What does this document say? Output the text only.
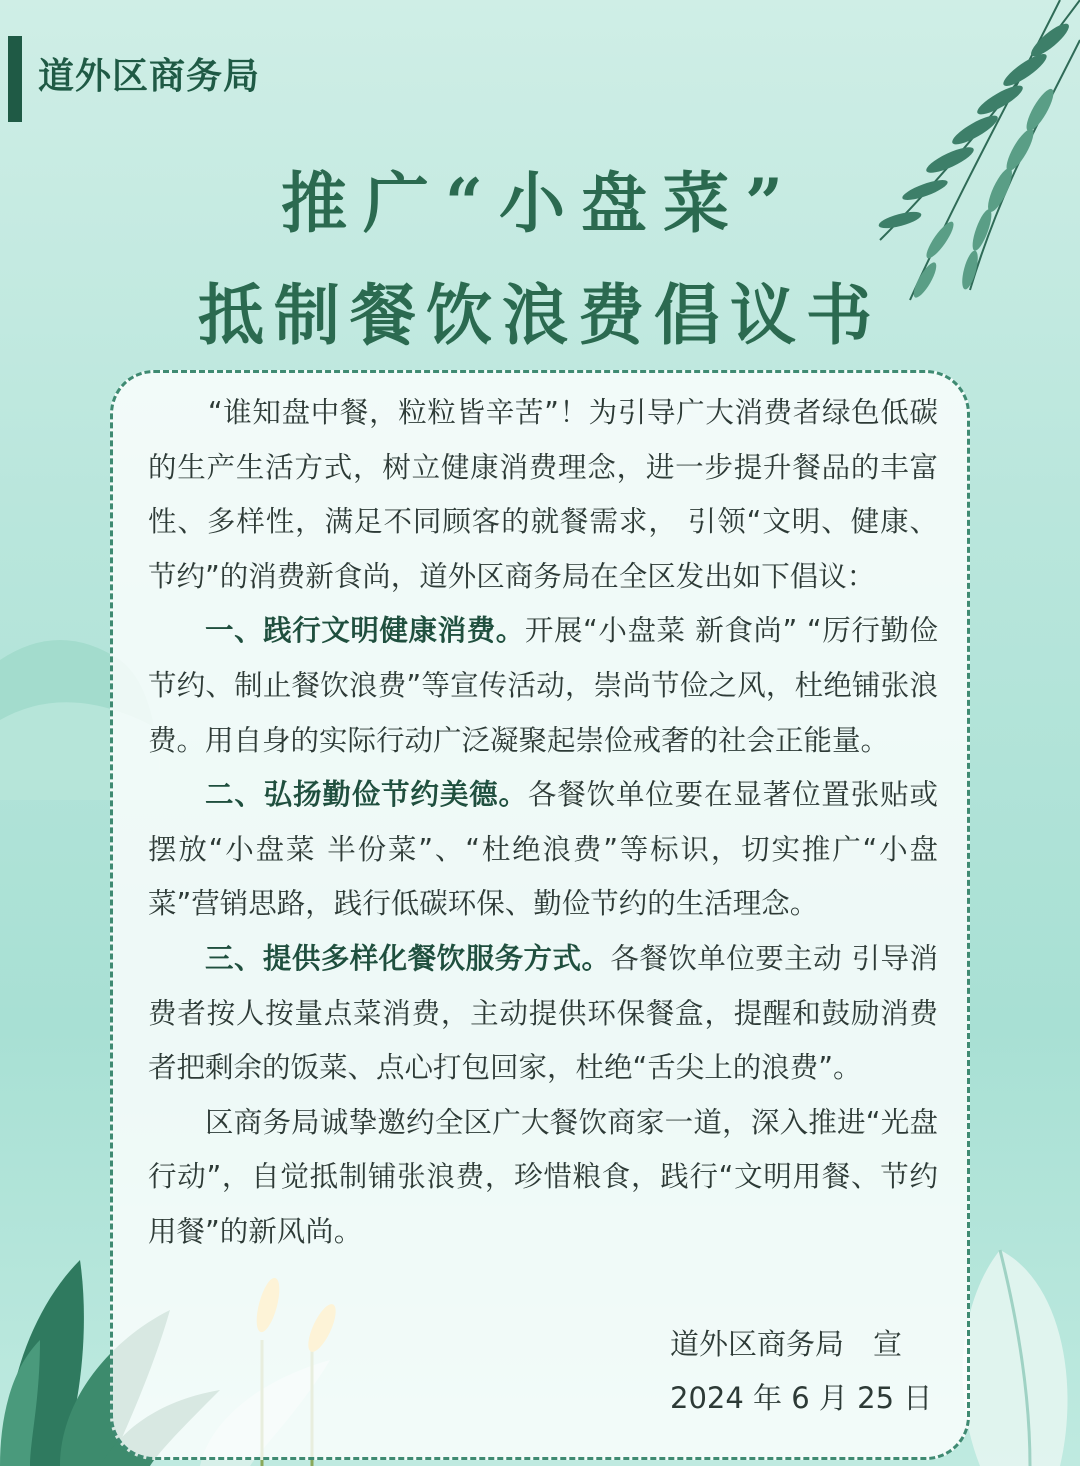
道外区商务局
推广“小盘菜”
抵制餐饮浪费倡议书

“谁知盘中餐，粒粒皆辛苦”！为引导广大消费者绿色低碳的生产生活方式，树立健康消费理念，进一步提升餐品的丰富性、多样性，满足不同顾客的就餐需求， 引领“文明、健康、节约”的消费新食尚，道外区商务局在全区发出如下倡议：

一、践行文明健康消费。开展“小盘菜 新食尚” “厉行勤俭节约、制止餐饮浪费”等宣传活动，崇尚节俭之风，杜绝铺张浪费。用自身的实际行动广泛凝聚起崇俭戒奢的社会正能量。

二、弘扬勤俭节约美德。各餐饮单位要在显著位置张贴或摆放“小盘菜 半份菜”、“杜绝浪费”等标识，切实推广“小盘菜”营销思路，践行低碳环保、勤俭节约的生活理念。

三、提供多样化餐饮服务方式。各餐饮单位要主动 引导消费者按人按量点菜消费，主动提供环保餐盒，提醒和鼓励消费者把剩余的饭菜、点心打包回家，杜绝“舌尖上的浪费”。

区商务局诚挚邀约全区广大餐饮商家一道，深入推进“光盘行动”，自觉抵制铺张浪费，珍惜粮食，践行“文明用餐、节约用餐”的新风尚。

道外区商务局　宣
2024 年 6 月 25 日
